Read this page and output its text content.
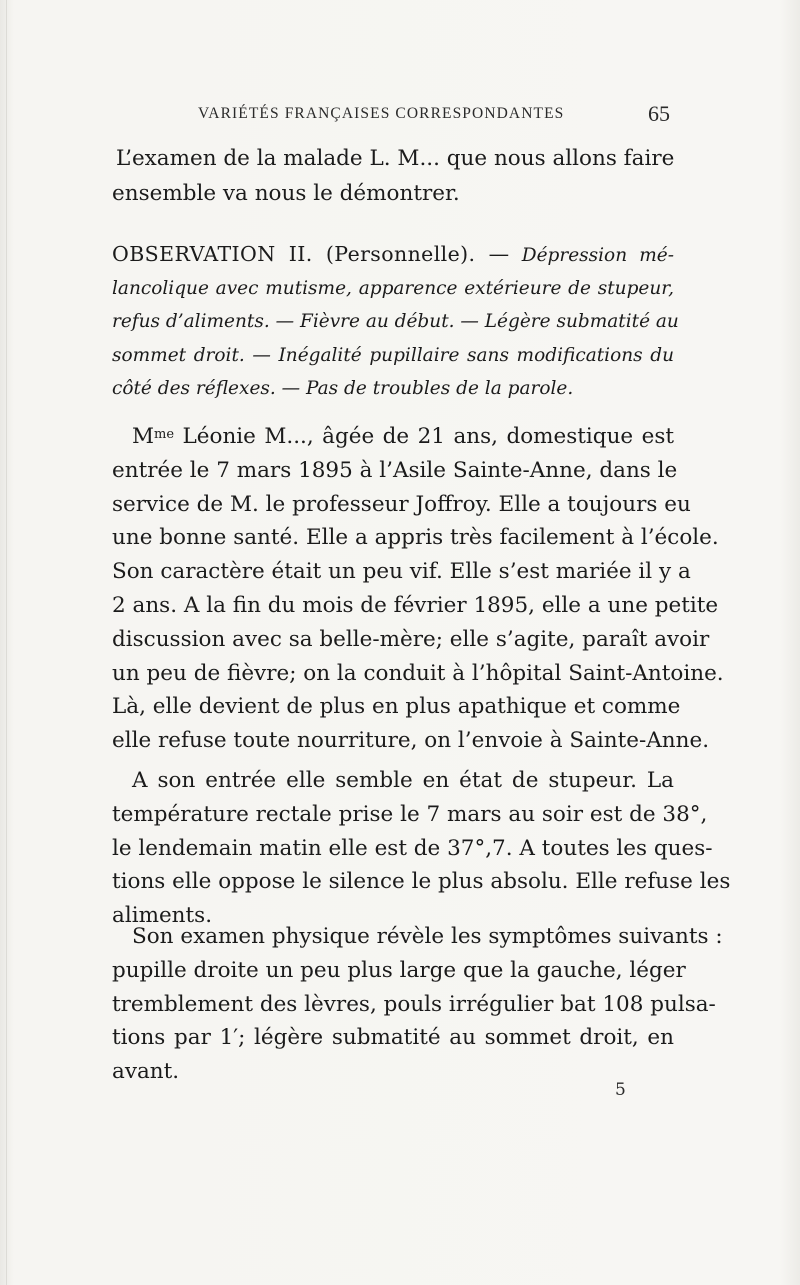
VARIÉTÉS FRANÇAISES CORRESPONDANTES	65
L’examen de la malade L. M... que nous allons faire
ensemble va nous le démontrer.
OBSERVATION II. (Personnelle). — Dépression mé-
lancolique avec mutisme, apparence extérieure de stupeur,
refus d’aliments. — Fièvre au début. — Légère submatité au
sommet droit. — Inégalité pupillaire sans modifications du
côté des réflexes. — Pas de troubles de la parole.
$M^{me}$ Léonie M..., âgée de 21 ans, domestique est
entrée le 7 mars 1895 à l’Asile Sainte-Anne, dans le
service de M. le professeur Joffroy. Elle a toujours eu
une bonne santé. Elle a appris très facilement à l’école.
Son caractère était un peu vif. Elle s’est mariée il y a
2 ans. A la fin du mois de février 1895, elle a une petite
discussion avec sa belle-mère; elle s’agite, paraît avoir
un peu de fièvre; on la conduit à l’hôpital Saint-Antoine.
Là, elle devient de plus en plus apathique et comme
elle refuse toute nourriture, on l’envoie à Sainte-Anne.
A son entrée elle semble en état de stupeur. La
température rectale prise le 7 mars au soir est de 38°,
le lendemain matin elle est de 37°,7. A toutes les ques-
tions elle oppose le silence le plus absolu. Elle refuse les
aliments.
Son examen physique révèle les symptômes suivants :
pupille droite un peu plus large que la gauche, léger
tremblement des lèvres, pouls irrégulier bat 108 pulsa-
tions par 1′; légère submatité au sommet droit, en
avant.
5
